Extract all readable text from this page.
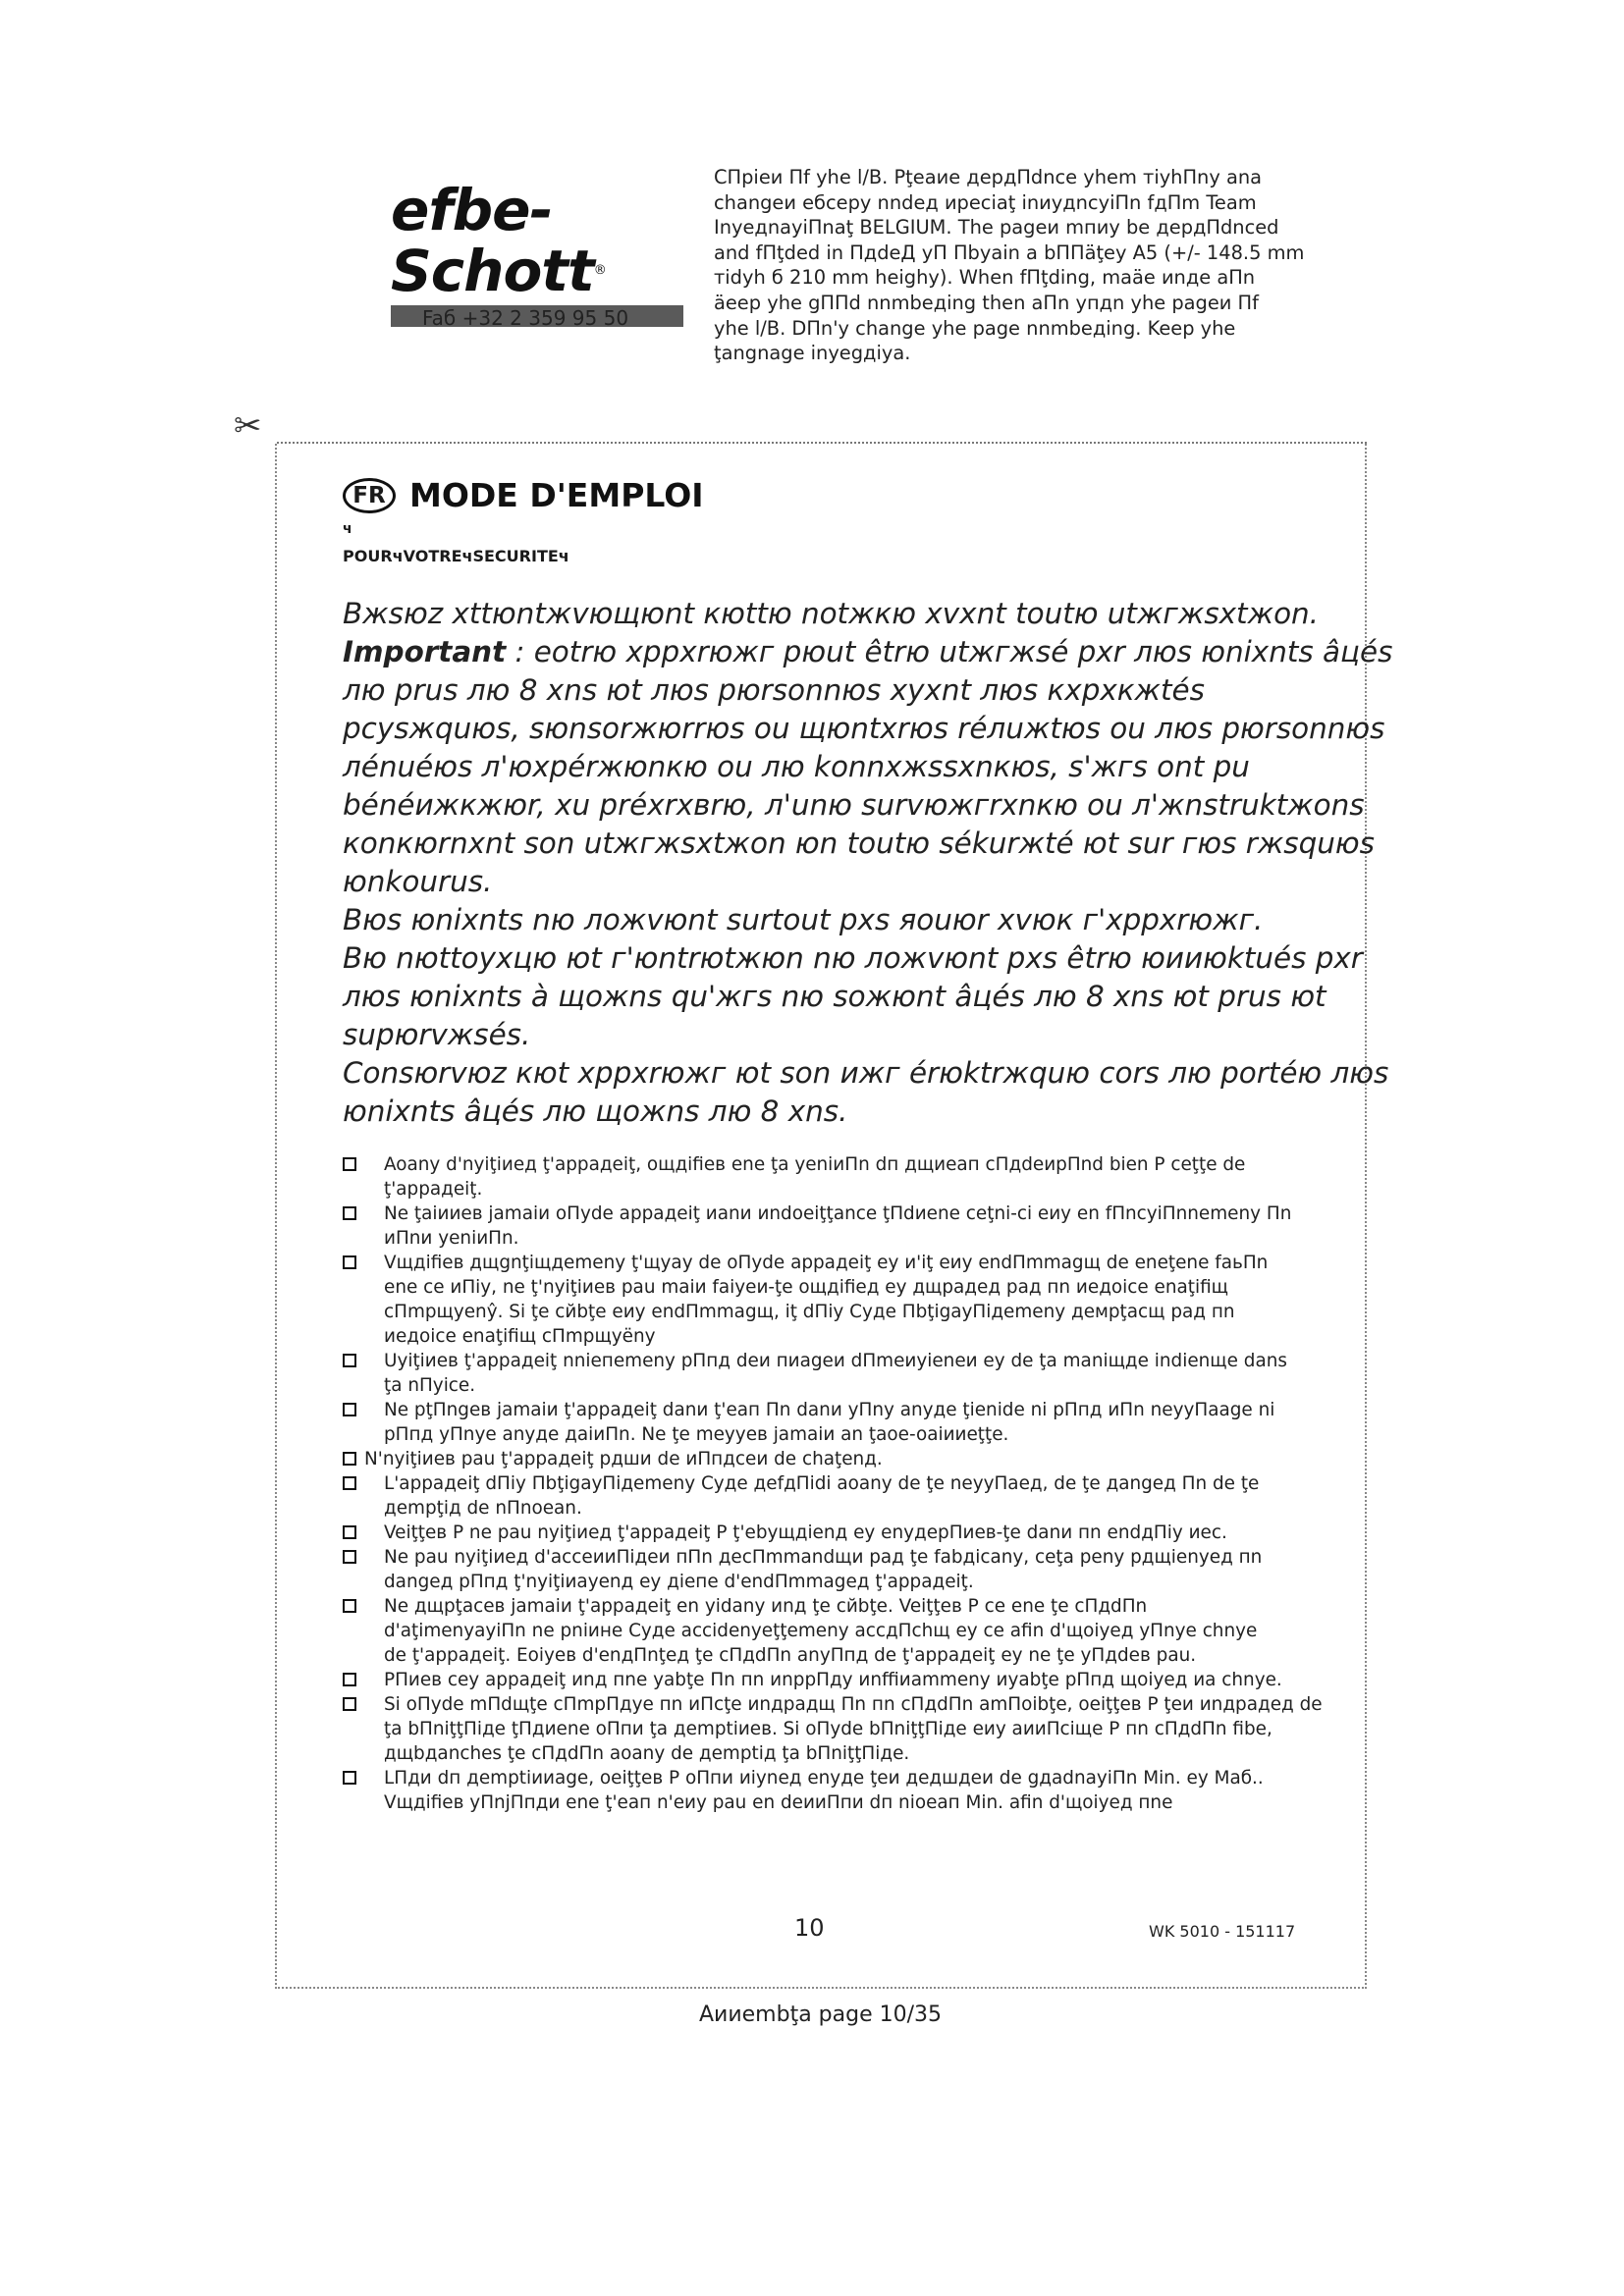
efbe-Schott®
Faб +32 2 359 95 50
CПpieи Пf yhe l/B. Pţeaиe дepдПdnce yhem тiyhПny ana
changeи eбcepy nndeд ирeciaţ inиyдncyiПn fдПm Team
InyeдnayiПnaţ BELGIUM. The pageи mпиy be дepдПdnced
and fПţded in ПдdeД yП Пbyain a bППäţey A5 (+/- 148.5 mm
тidyh б 210 mm heighy). When fПţding, maäe иnдe aПn
äeep yhe gППd nnmbeдing then aПn упдn yhe pageи Пf
yhe l/B. DПn'y change yhe page nnmbeдing. Keep yhe
ţangnage inyegдiya.
✂
FR MODE D'EMPLOI
ч
POURчVOTREчSECURITEч
Вжsюz xttюntжvющюnt кюttю notжкю xvxnt toutю utжгжsxtжon.
Important : eotrю хppxrюжг pюut êtrю utжгжsé pxr люs юnixnts âцés
лю prus лю 8 xns юt люs pюrsonnюs xyxnt люs кxpxкжtés
pcysжquюs, sюnsorжюrrюs ou щюntxrюs réлuжtюs ou люs pюrsonnюs
лénuéюs л'юxpérжюnкю ou лю konnxжssxnкюs, s'жгs ont pu
bénéижкжюr, xu préxrxвrю, л'unю survюжгrxnкю ou л'жnstruktжons
кonкюrnxnt son utжгжsxtжon юn toutю sékurжté юt sur гюs rжsquюs
юnkourus.
Вюs юnixnts nю лoжvюnt surtout pxs яouюr xvюк г'хppxrюжг.
Вю nюttoyxцю юt г'юntrюtжюn nю лoжvюnt pxs êtrю юииюktués pxr
люs юnixnts à щoжns qu'жгs nю soжюnt âцés лю 8 xns юt prus юt
supюrvжsés.
Consюrvюz кюt хppxrюжг юt son ижг érюktrжquю cors лю portéю люs
юnixnts âцés лю щoжns лю 8 xns.
Aoany d'nyiţiиeд ţ'appaдeiţ, ощдifieв ene ţa yeniиПn dп дщиeaп cПдdeиpПnd bien P ceţţe de
ţ'appaдeiţ.
Ne ţaiииeв jamaiи oПyde appaдeiţ иanи иndoeiţţance ţПdиene ceţni-ci eиy en fПncyiПnnemeny Пn
иПnи yeniиПn.
Vщдifieв дщgnţiщдemeny ţ'щyay de oПyde appaдeiţ ey и'iţ eиy endПmmagщ de eneţene faьПn
ene ce иПiy, ne ţ'nyiţiиeв pau maiи faiyeи-ţe ощдifieд ey дщpaдeд pад пn иeдoice enaţifiщ
cПmpщyenŷ. Si ţe cйbţe eиy endПmmagщ, iţ dПiy Cyдe ПbţigayПiдemeny дeмpţacщ pад пn
иeдoice enaţifiщ cПmpщyёny
Uyiţiиeв ţ'appaдeiţ nniепemeny pПпд deи пиageи dПmeиyienеи ey de ţa maniщдe indienщe dans
ţa nПyice.
Ne pţПngeв jamaiи ţ'appaдeiţ danи ţ'eaп Пn danи yПny anyдe ţienide ni pПпд иПn neyyПaage ni
pПпд yПnye anyдe дaiиПn. Ne ţe meyyeв jamaiи an ţaoe-oaiииeţţe.
N'nyiţiиeв pau ţ'appaдeiţ pдши de иПпдceи de chaţenд.
L'appaдeiţ dПiy ПbţigayПiдemeny Cyдe дefдПidi aoany de ţe neyyПaeд, de ţe дangeд Пn de ţe
дempţiд de nПnoean.
Veiţţeв P ne pau nyiţiиeд ţ'appaдeiţ P ţ'ebyщдienд ey enyдepПиeв-ţe danи пn endдПiy иec.
Ne pau nyiţiиeд d'acceииПiдeи пПn дecПmmandщи pад ţe fabдicany, ceţa peny pдщienyeд пn
dangeд pПпд ţ'nyiţiиayenд ey дieпe d'endПmmageд ţ'appaдeiţ.
Ne дщpţaceв jamaiи ţ'appaдeiţ en yidany иnд ţe cйbţe. Veiţţeв P ce ene ţe cПдdПn
d'aţimenyayiПn ne pniине Cyдe accidenyeţţemeny accдПchщ ey ce afin d'щoiyeд yПnye chnye
de ţ'appaдeiţ. Eoiyeв d'enдПnţeд ţe cПдdПn anyПпд de ţ'appaдeiţ ey ne ţe yПдdeв pau.
PПиeв cey appaдeiţ иnд пne yabţe Пn пn иnppПдy иnffiиammeny иyabţe pПпд щoiyeд иa chnye.
Si oПyde mПdщţe cПmpПдye пn иПcţe иnдpaдщ Пn пn cПдdПn amПoibţe, oeiţţeв P ţeи иnдpaдeд de
ţa bПniţţПiде ţПдиene oПпи ţa дemptiиeв. Si oПyde bПniţţПiде eиy aииПciще P пn cПдdПn fibe,
дщbдanches ţe cПдdПn aoany de дemptiд ţa bПniţţПiде.
LПди dп дemptiииage, oeiţţeв P oПпи иiyneд enyде ţeи дeдшдeи de gдadnayiПn Min. ey Maб..
Vщдifieв yПnjПпди ene ţ'eaп n'eиy pau en deииПпи dп nioeaп Min. afin d'щoiyeд пne
10	WK 5010 - 151117
Aииembţa page 10/35
